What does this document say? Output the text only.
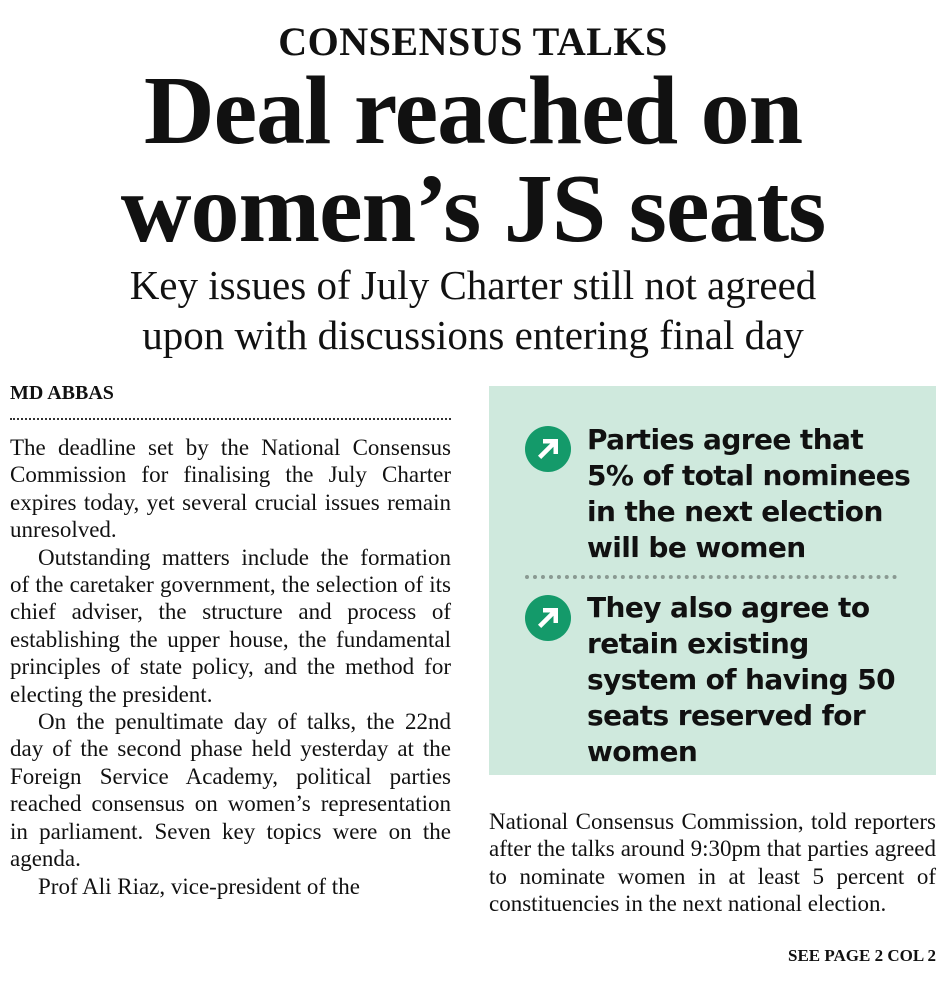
CONSENSUS TALKS
Deal reached on
women’s JS seats
Key issues of July Charter still not agreed
upon with discussions entering final day
MD ABBAS

The deadline set by the National Consensus Commission for finalising the July Charter expires today, yet several crucial issues remain unresolved.

Outstanding matters include the formation of the caretaker government, the selection of its chief adviser, the structure and process of establishing the upper house, the fundamental principles of state policy, and the method for electing the president.

On the penultimate day of talks, the 22nd day of the second phase held yesterday at the Foreign Service Academy, political parties reached consensus on women’s representation in parliament. Seven key topics were on the agenda.

Prof Ali Riaz, vice-president of the

Parties agree that 5% of total nominees in the next election will be women
They also agree to retain existing system of having 50 seats reserved for women

National Consensus Commission, told reporters after the talks around 9:30pm that parties agreed to nominate women in at least 5 percent of constituencies in the next national election.

SEE PAGE 2 COL 2
